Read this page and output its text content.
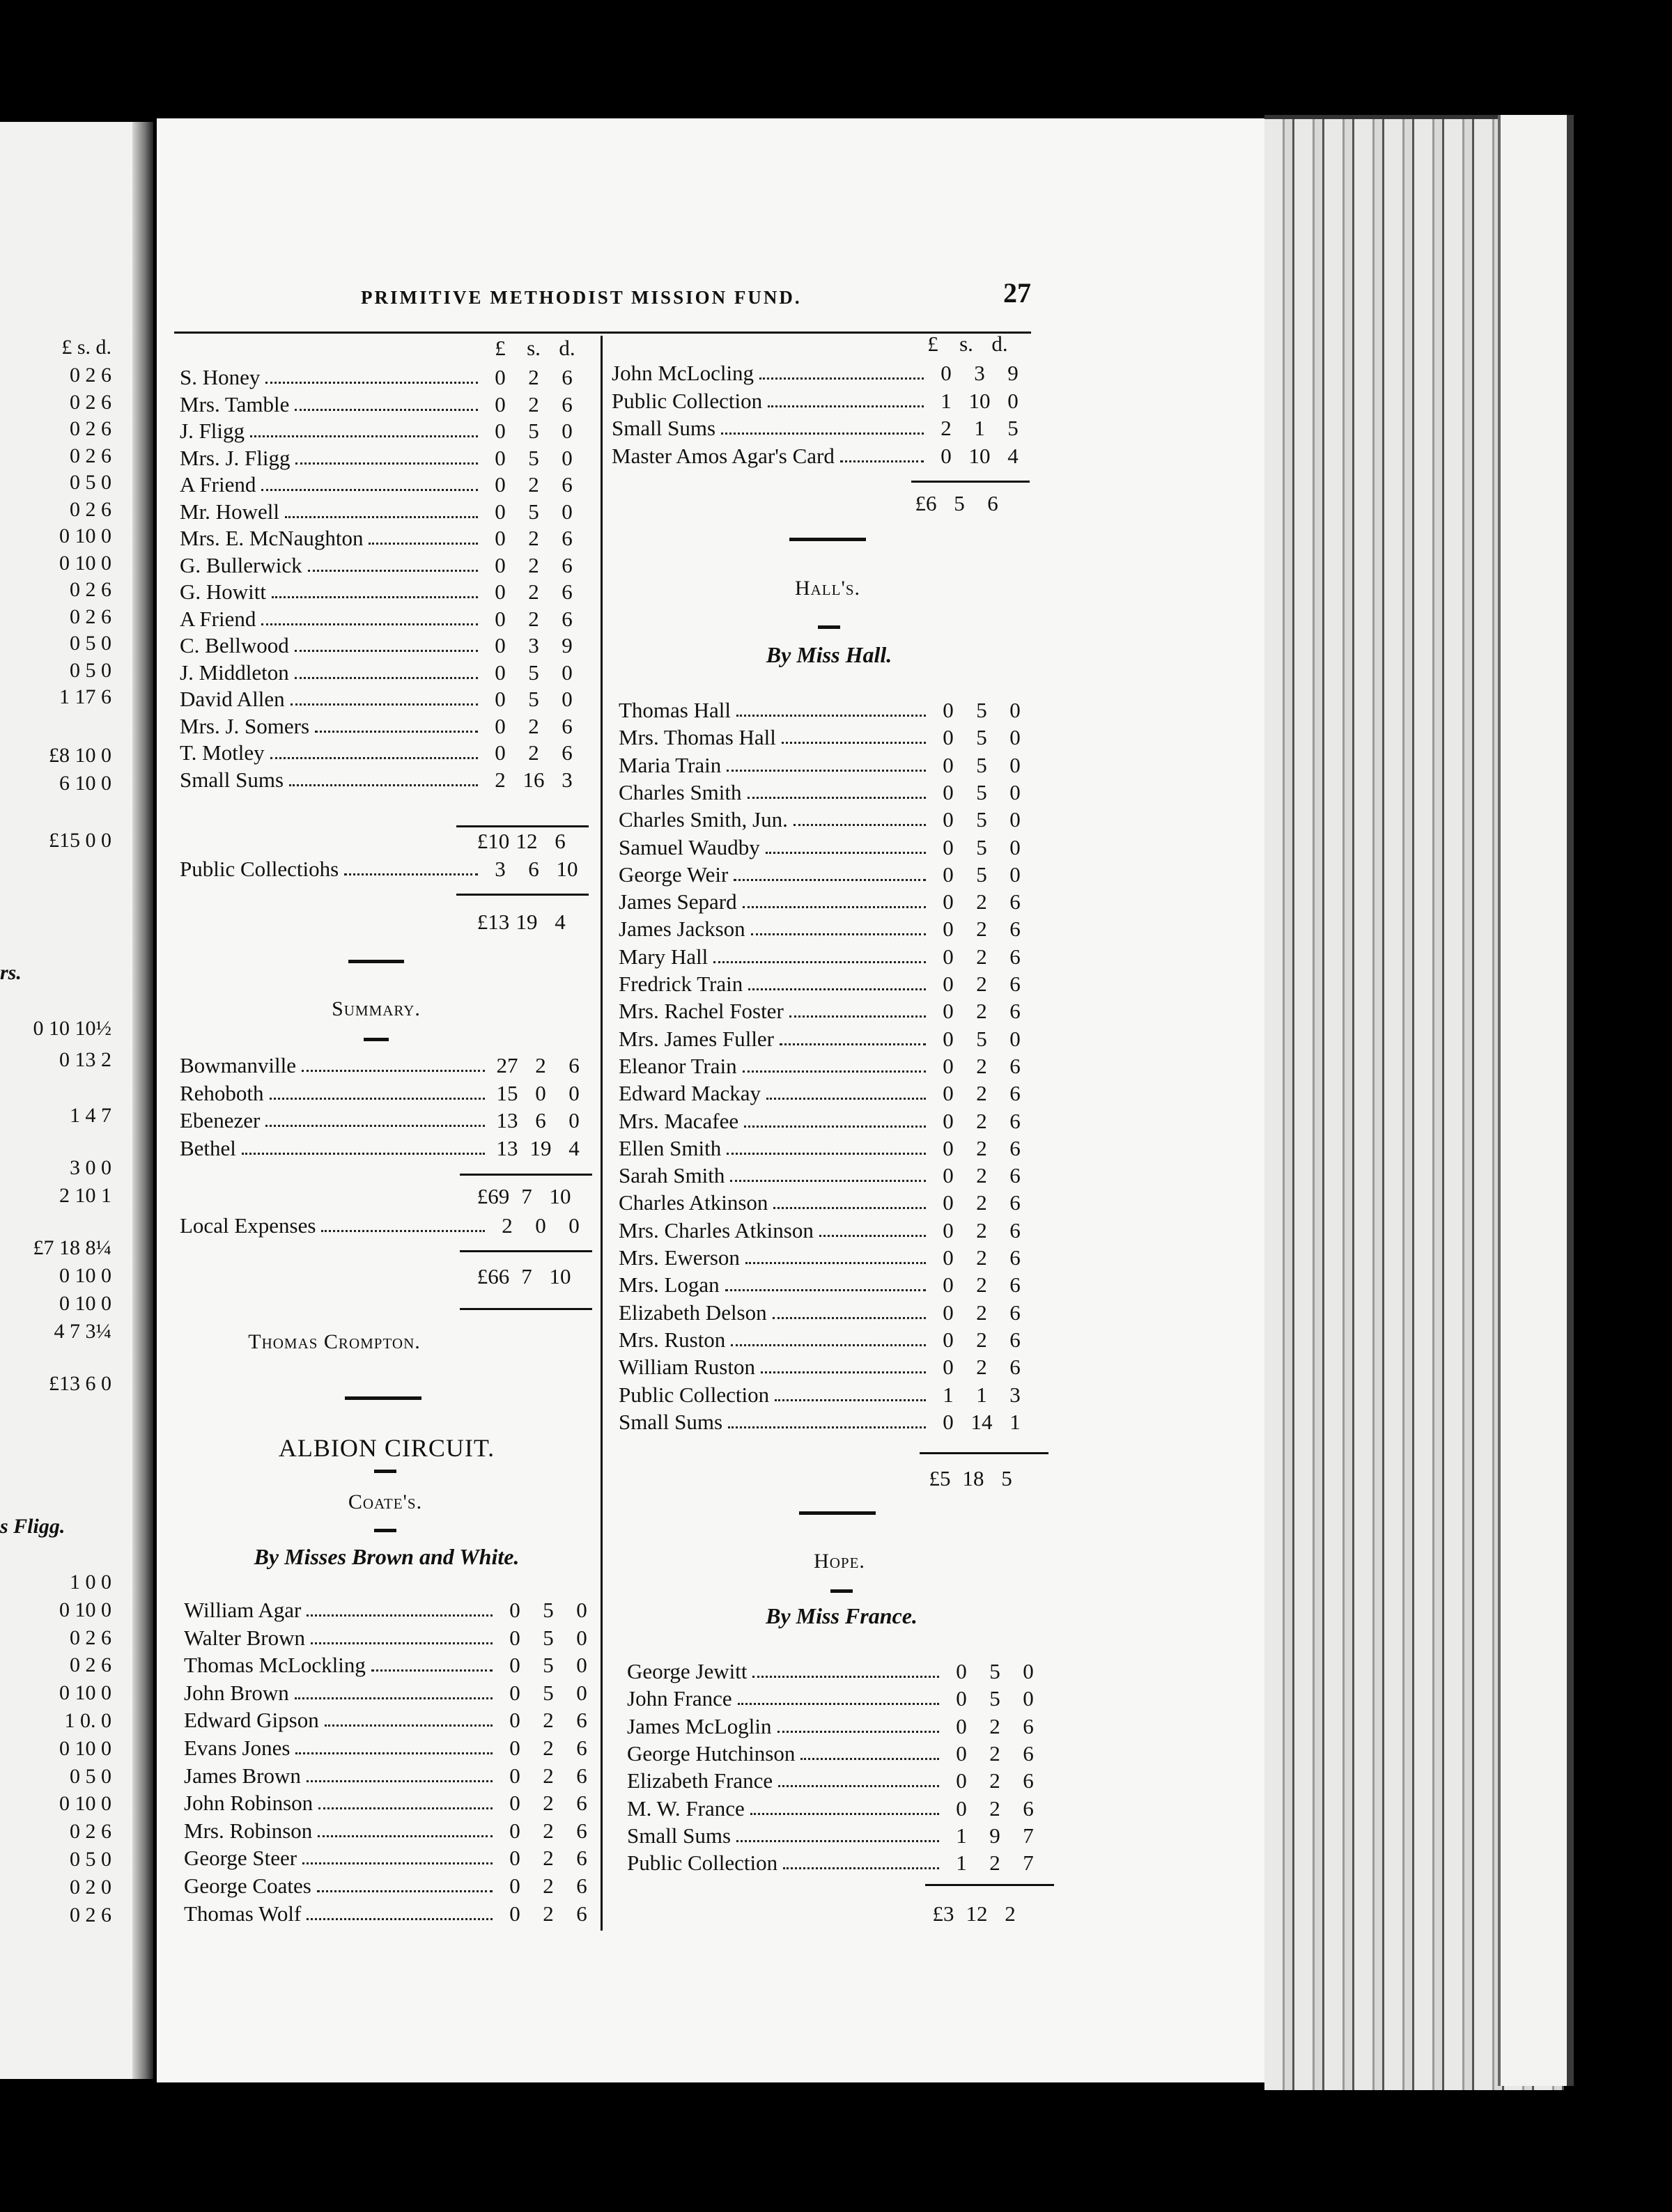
£ s. d.
0 2 6
0 2 6
0 2 6
0 2 6
0 5 0
0 2 6
0 10 0
0 10 0
0 2 6
0 2 6
0 5 0
0 5 0
1 17 6
£8 10 0
6 10 0
£15 0 0
rs.
0 10 10½
0 13 2
1 4 7
3 0 0
2 10 1
£7 18 8¼
0 10 0
0 10 0
4 7 3¼
£13 6 0
s Fligg.
1 0 0
0 10 0
0 2 6
0 2 6
0 10 0
1 0. 0
0 10 0
0 5 0
0 10 0
0 2 6
0 5 0
0 2 0
0 2 6
PRIMITIVE METHODIST MISSION FUND.	27
£ s. d.
S. Honey	0	2	6
Mrs. Tamble	0	2	6
J. Fligg	0	5	0
Mrs. J. Fligg	0	5	0
A Friend	0	2	6
Mr. Howell	0	5	0
Mrs. E. McNaughton	0	2	6
G. Bullerwick	0	2	6
G. Howitt	0	2	6
A Friend	0	2	6
C. Bellwood	0	3	9
J. Middleton	0	5	0
David Allen	0	5	0
Mrs. J. Somers	0	2	6
T. Motley	0	2	6
Small Sums	2 16 3
£10 12 6
Public Collectiohs	3	6 10
£13 19 4
Summary.
Bowmanville	27 2	6
Rehoboth	15 0	0
Ebenezer	13 6	0
Bethel	13 19 4
£69 7 10
Local Expenses	2	0	0
£66 7 10
Thomas Crompton.
ALBION CIRCUIT.
Coate's.
By Misses Brown and White.
William Agar	0	5	0
Walter Brown	0	5	0
Thomas McLockling	0	5	0
John Brown	0	5	0
Edward Gipson	0	2	6
Evans Jones	0	2	6
James Brown	0	2	6
John Robinson	0	2	6
Mrs. Robinson	0	2	6
George Steer	0	2	6
George Coates	0	2	6
Thomas Wolf	0	2	6
£ s. d.
John McLocling	0	3	9
Public Collection	1 10 0
Small Sums	2	1	5
Master Amos Agar's Card	0 10 4
£6 5 6
Hall's.
By Miss Hall.
Thomas Hall	0	5	0
Mrs. Thomas Hall	0	5	0
Maria Train	0	5	0
Charles Smith	0	5	0
Charles Smith, Jun.	0	5	0
Samuel Waudby	0	5	0
George Weir	0	5	0
James Separd	0	2	6
James Jackson	0	2	6
Mary Hall	0	2	6
Fredrick Train	0	2	6
Mrs. Rachel Foster	0	2	6
Mrs. James Fuller	0	5	0
Eleanor Train	0	2	6
Edward Mackay	0	2	6
Mrs. Macafee	0	2	6
Ellen Smith	0	2	6
Sarah Smith	0	2	6
Charles Atkinson	0	2	6
Mrs. Charles Atkinson	0	2	6
Mrs. Ewerson	0	2	6
Mrs. Logan	0	2	6
Elizabeth Delson	0	2	6
Mrs. Ruston	0	2	6
William Ruston	0	2	6
Public Collection	1	1	3
Small Sums	0 14 1
£5 18 5
Hope.
By Miss France.
George Jewitt	0	5	0
John France	0	5	0
James McLoglin	0	2	6
George Hutchinson	0	2	6
Elizabeth France	0	2	6
M. W. France	0	2	6
Small Sums	1	9	7
Public Collection	1	2	7
£3 12 2
